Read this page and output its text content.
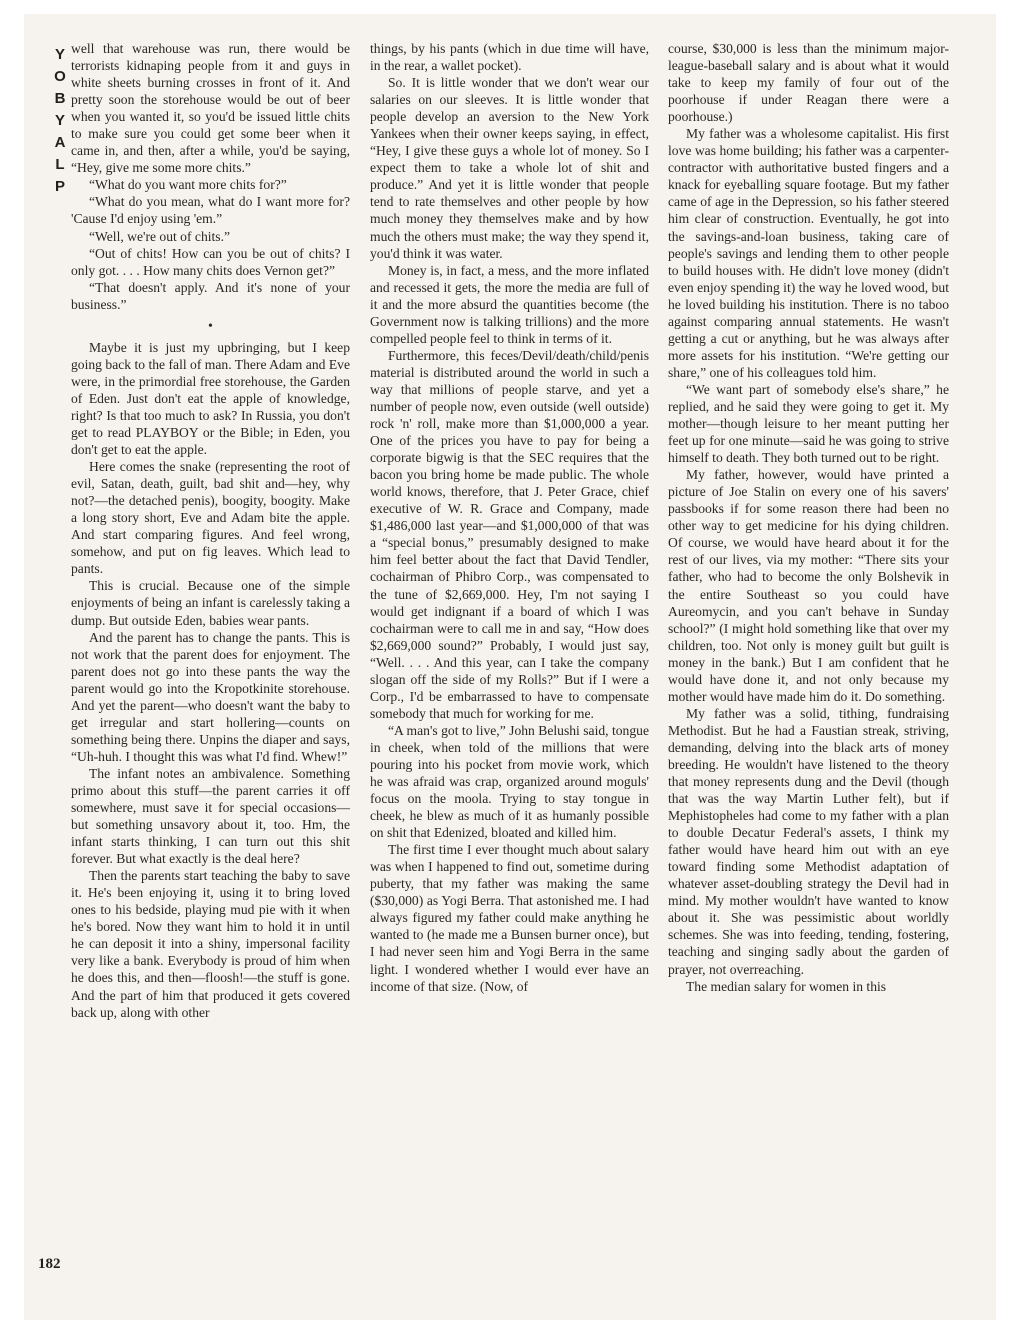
Y
O
B
Y
A
L
P
182

well that warehouse was run, there would be terrorists kidnaping people from it and guys in white sheets burning crosses in front of it. And pretty soon the storehouse would be out of beer when you wanted it, so you'd be issued little chits to make sure you could get some beer when it came in, and then, after a while, you'd be saying, “Hey, give me some more chits.”

“What do you want more chits for?”

“What do you mean, what do I want more for? 'Cause I'd enjoy using 'em.”

“Well, we're out of chits.”

“Out of chits! How can you be out of chits? I only got. . . . How many chits does Vernon get?”

“That doesn't apply. And it's none of your business.”

•

Maybe it is just my upbringing, but I keep going back to the fall of man. There Adam and Eve were, in the primordial free storehouse, the Garden of Eden. Just don't eat the apple of knowledge, right? Is that too much to ask? In Russia, you don't get to read PLAYBOY or the Bible; in Eden, you don't get to eat the apple.

Here comes the snake (representing the root of evil, Satan, death, guilt, bad shit and—hey, why not?—the detached penis), boogity, boogity. Make a long story short, Eve and Adam bite the apple. And start comparing figures. And feel wrong, somehow, and put on fig leaves. Which lead to pants.

This is crucial. Because one of the simple enjoyments of being an infant is carelessly taking a dump. But outside Eden, babies wear pants.

And the parent has to change the pants. This is not work that the parent does for enjoyment. The parent does not go into these pants the way the parent would go into the Kropotkinite storehouse. And yet the parent—who doesn't want the baby to get irregular and start hollering—counts on something being there. Unpins the diaper and says, “Uh-huh. I thought this was what I'd find. Whew!”

The infant notes an ambivalence. Something primo about this stuff—the parent carries it off somewhere, must save it for special occasions—but something unsavory about it, too. Hm, the infant starts thinking, I can turn out this shit forever. But what exactly is the deal here?

Then the parents start teaching the baby to save it. He's been enjoying it, using it to bring loved ones to his bedside, playing mud pie with it when he's bored. Now they want him to hold it in until he can deposit it into a shiny, impersonal facility very like a bank. Everybody is proud of him when he does this, and then—floosh!—the stuff is gone. And the part of him that produced it gets covered back up, along with other

things, by his pants (which in due time will have, in the rear, a wallet pocket).

So. It is little wonder that we don't wear our salaries on our sleeves. It is little wonder that people develop an aversion to the New York Yankees when their owner keeps saying, in effect, “Hey, I give these guys a whole lot of money. So I expect them to take a whole lot of shit and produce.” And yet it is little wonder that people tend to rate themselves and other people by how much money they themselves make and by how much the others must make; the way they spend it, you'd think it was water.

Money is, in fact, a mess, and the more inflated and recessed it gets, the more the media are full of it and the more absurd the quantities become (the Government now is talking trillions) and the more compelled people feel to think in terms of it.

Furthermore, this feces/Devil/death/child/penis material is distributed around the world in such a way that millions of people starve, and yet a number of people now, even outside (well outside) rock 'n' roll, make more than $1,000,000 a year. One of the prices you have to pay for being a corporate bigwig is that the SEC requires that the bacon you bring home be made public. The whole world knows, therefore, that J. Peter Grace, chief executive of W. R. Grace and Company, made $1,486,000 last year—and $1,000,000 of that was a “special bonus,” presumably designed to make him feel better about the fact that David Tendler, cochairman of Phibro Corp., was compensated to the tune of $2,669,000. Hey, I'm not saying I would get indignant if a board of which I was cochairman were to call me in and say, “How does $2,669,000 sound?” Probably, I would just say, “Well. . . . And this year, can I take the company slogan off the side of my Rolls?” But if I were a Corp., I'd be embarrassed to have to compensate somebody that much for working for me.

“A man's got to live,” John Belushi said, tongue in cheek, when told of the millions that were pouring into his pocket from movie work, which he was afraid was crap, organized around moguls' focus on the moola. Trying to stay tongue in cheek, he blew as much of it as humanly possible on shit that Edenized, bloated and killed him.

The first time I ever thought much about salary was when I happened to find out, sometime during puberty, that my father was making the same ($30,000) as Yogi Berra. That astonished me. I had always figured my father could make anything he wanted to (he made me a Bunsen burner once), but I had never seen him and Yogi Berra in the same light. I wondered whether I would ever have an income of that size. (Now, of

course, $30,000 is less than the minimum major-league-baseball salary and is about what it would take to keep my family of four out of the poorhouse if under Reagan there were a poorhouse.)

My father was a wholesome capitalist. His first love was home building; his father was a carpenter-contractor with authoritative busted fingers and a knack for eyeballing square footage. But my father came of age in the Depression, so his father steered him clear of construction. Eventually, he got into the savings-and-loan business, taking care of people's savings and lending them to other people to build houses with. He didn't love money (didn't even enjoy spending it) the way he loved wood, but he loved building his institution. There is no taboo against comparing annual statements. He wasn't getting a cut or anything, but he was always after more assets for his institution. “We're getting our share,” one of his colleagues told him.

“We want part of somebody else's share,” he replied, and he said they were going to get it. My mother—though leisure to her meant putting her feet up for one minute—said he was going to strive himself to death. They both turned out to be right.

My father, however, would have printed a picture of Joe Stalin on every one of his savers' passbooks if for some reason there had been no other way to get medicine for his dying children. Of course, we would have heard about it for the rest of our lives, via my mother: “There sits your father, who had to become the only Bolshevik in the entire Southeast so you could have Aureomycin, and you can't behave in Sunday school?” (I might hold something like that over my children, too. Not only is money guilt but guilt is money in the bank.) But I am confident that he would have done it, and not only because my mother would have made him do it. Do something.

My father was a solid, tithing, fundraising Methodist. But he had a Faustian streak, striving, demanding, delving into the black arts of money breeding. He wouldn't have listened to the theory that money represents dung and the Devil (though that was the way Martin Luther felt), but if Mephistopheles had come to my father with a plan to double Decatur Federal's assets, I think my father would have heard him out with an eye toward finding some Methodist adaptation of whatever asset-doubling strategy the Devil had in mind. My mother wouldn't have wanted to know about it. She was pessimistic about worldly schemes. She was into feeding, tending, fostering, teaching and singing sadly about the garden of prayer, not overreaching.

The median salary for women in this
